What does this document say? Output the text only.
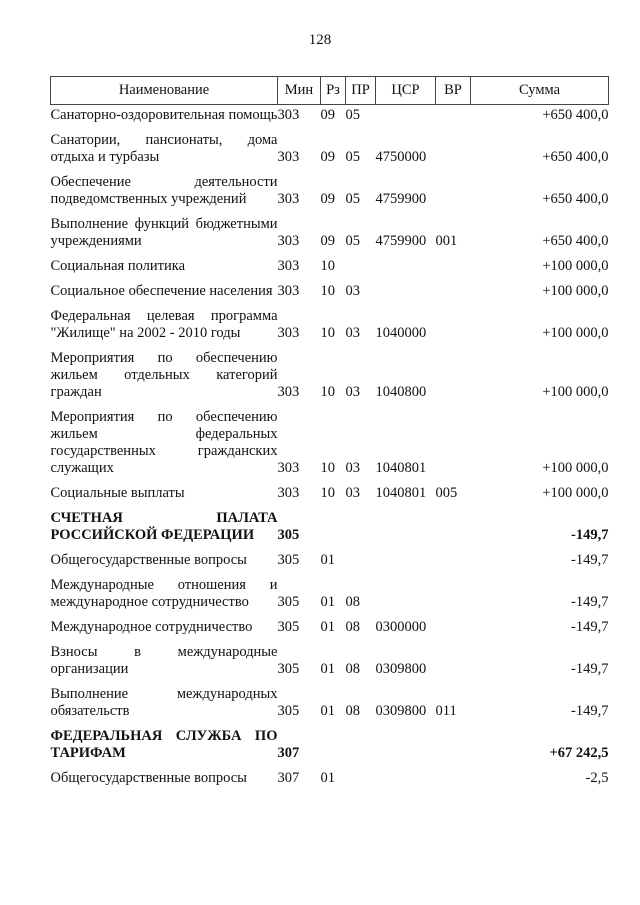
128
Наименование	Мин	Рз	ПР	ЦСР	ВР	Сумма
Санаторно-оздоровительная помощь	303	09	05			+650 400,0
Санатории, пансионаты, дома отдыха и турбазы	303	09	05	4750000		+650 400,0
Обеспечение деятельности подведомственных учреждений	303	09	05	4759900		+650 400,0
Выполнение функций бюджетными учреждениями	303	09	05	4759900	001	+650 400,0
Социальная политика	303	10				+100 000,0
Социальное обеспечение населения	303	10	03			+100 000,0
Федеральная целевая программа "Жилище" на 2002 - 2010 годы	303	10	03	1040000		+100 000,0
Мероприятия по обеспечению жильем отдельных категорий граждан	303	10	03	1040800		+100 000,0
Мероприятия по обеспечению жильем федеральных государственных гражданских служащих	303	10	03	1040801		+100 000,0
Социальные выплаты	303	10	03	1040801	005	+100 000,0
СЧЕТНАЯ ПАЛАТА РОССИЙСКОЙ ФЕДЕРАЦИИ	305					-149,7
Общегосударственные вопросы	305	01				-149,7
Международные отношения и международное сотрудничество	305	01	08			-149,7
Международное сотрудничество	305	01	08	0300000		-149,7
Взносы в международные организации	305	01	08	0309800		-149,7
Выполнение международных обязательств	305	01	08	0309800	011	-149,7
ФЕДЕРАЛЬНАЯ СЛУЖБА ПО ТАРИФАМ	307					+67 242,5
Общегосударственные вопросы	307	01				-2,5
